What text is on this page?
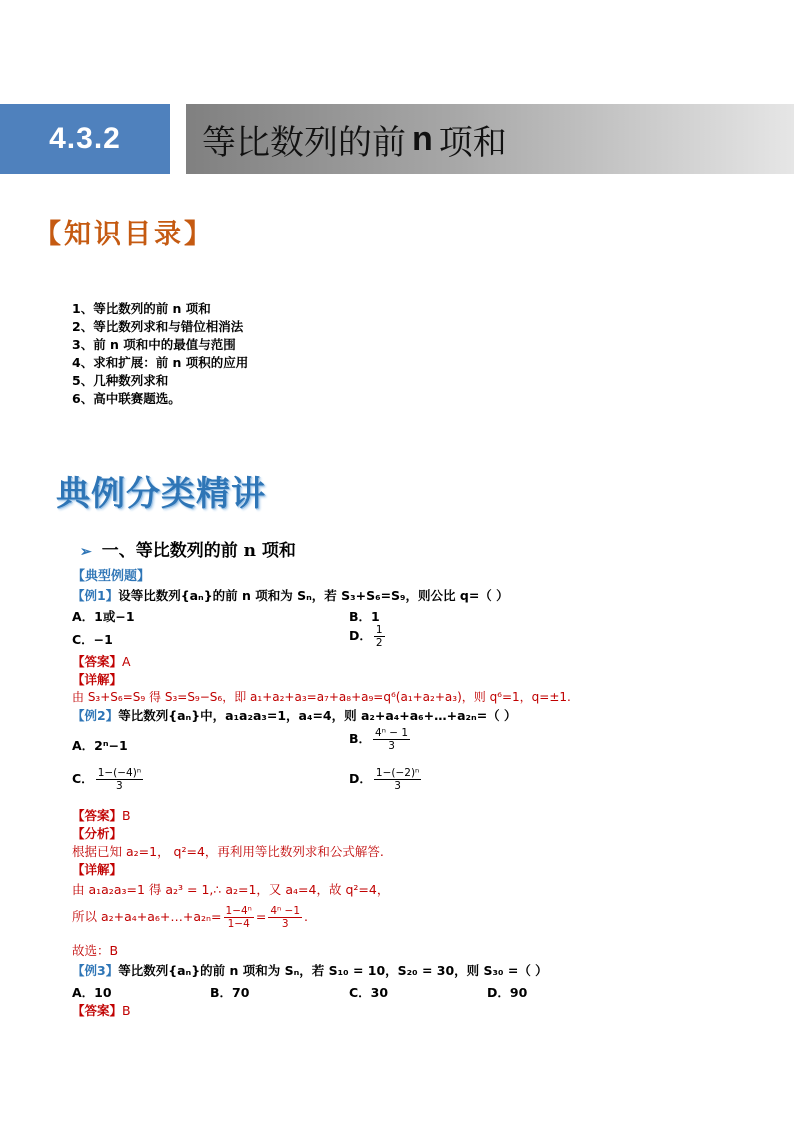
4.3.2	等比数列的前 n 项和
【知识目录】
1、等比数列的前 n 项和
2、等比数列求和与错位相消法
3、前 n 项和中的最值与范围
4、求和扩展：前 n 项积的应用
5、几种数列求和
6、高中联赛题选。
典例分类精讲
➢ 一、等比数列的前 n 项和
【典型例题】
【例1】设等比数列{aₙ}的前 n 项和为 Sₙ，若 S₃+S₆=S₉，则公比 q=（ ）
A．1或−1	B．1
C．−1	D． $\frac{1}{2}$
【答案】A
【详解】
由 S₃+S₆=S₉ 得 S₃=S₉−S₆，即 a₁+a₂+a₃=a₇+a₈+a₉=q⁶(a₁+a₂+a₃)，则 q⁶=1，q=±1.
【例2】等比数列{aₙ}中，a₁a₂a₃=1，a₄=4，则 a₂+a₄+a₆+…+a₂ₙ=（ ）
A．2ⁿ−1	B． $\frac{\text{4ⁿ − 1}}{3}$
C． $\frac{\text{1−(−4)ⁿ}}{3}$	D． $\frac{\text{1−(−2)ⁿ}}{3}$
【答案】B
【分析】
根据已知 a₂=1， q²=4，再利用等比数列求和公式解答.
【详解】
由 a₁a₂a₃=1 得 a₂³ = 1,∴ a₂=1，又 a₄=4，故 q²=4，
所以 a₂+a₄+a₆+…+a₂ₙ= $\frac{\text{1−4ⁿ}}{1-4} = \frac{\text{4ⁿ −1}}{3}$ .
故选：B
【例3】等比数列{aₙ}的前 n 项和为 Sₙ，若 S₁₀ = 10，S₂₀ = 30，则 S₃₀ =（ ）
A．10	B．70	C．30	D．90
【答案】B
